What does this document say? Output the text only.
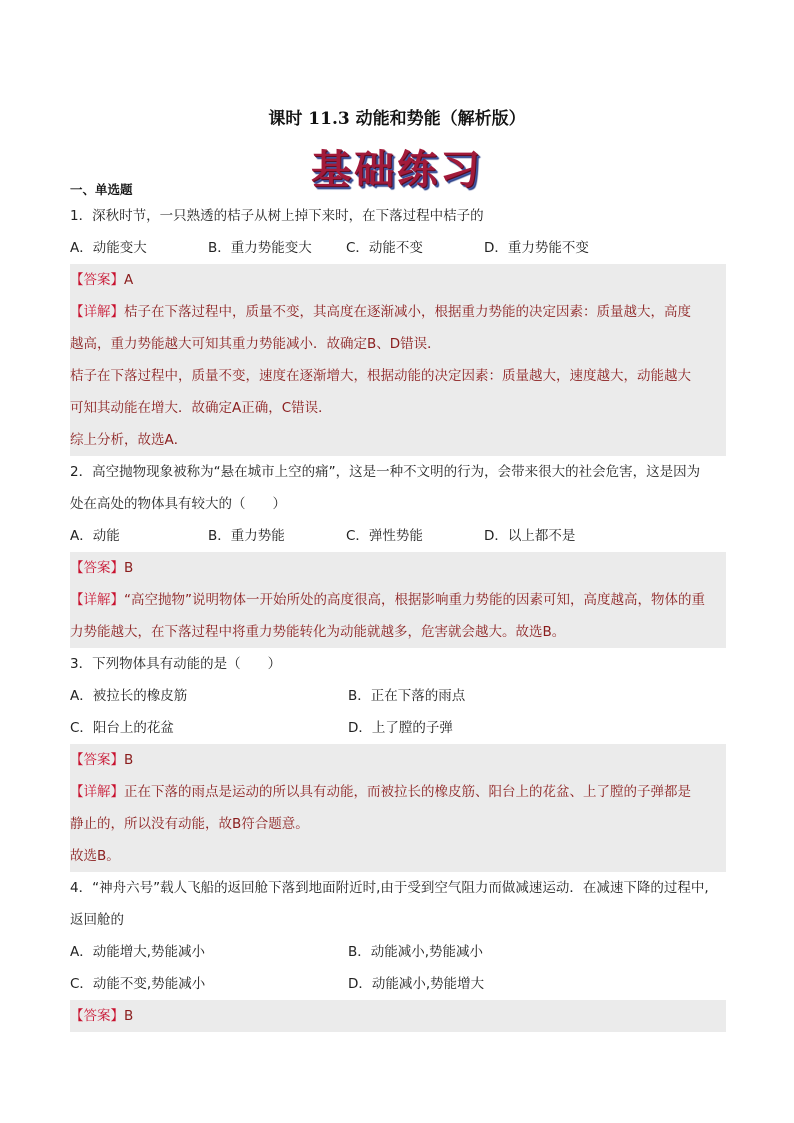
课时 11.3 动能和势能（解析版）
基础练习
一、单选题
1．深秋时节，一只熟透的桔子从树上掉下来时，在下落过程中桔子的
A．动能变大	B．重力势能变大	C．动能不变	D．重力势能不变
【答案】A
【详解】桔子在下落过程中，质量不变，其高度在逐渐减小，根据重力势能的决定因素：质量越大，高度
越高，重力势能越大可知其重力势能减小．故确定B、D错误．
桔子在下落过程中，质量不变，速度在逐渐增大，根据动能的决定因素：质量越大，速度越大，动能越大
可知其动能在增大．故确定A正确，C错误．
综上分析，故选A．
2．高空抛物现象被称为“悬在城市上空的痛”，这是一种不文明的行为，会带来很大的社会危害，这是因为
处在高处的物体具有较大的（　　）
A．动能	B．重力势能	C．弹性势能	D．以上都不是
【答案】B
【详解】“高空抛物”说明物体一开始所处的高度很高，根据影响重力势能的因素可知，高度越高，物体的重
力势能越大，在下落过程中将重力势能转化为动能就越多，危害就会越大。故选B。
3．下列物体具有动能的是（　　）
A．被拉长的橡皮筋	B．正在下落的雨点
C．阳台上的花盆	D．上了膛的子弹
【答案】B
【详解】正在下落的雨点是运动的所以具有动能，而被拉长的橡皮筋、阳台上的花盆、上了膛的子弹都是
静止的，所以没有动能，故B符合题意。
故选B。
4．“神舟六号”载人飞船的返回舱下落到地面附近时,由于受到空气阻力而做减速运动．在减速下降的过程中,
返回舱的
A．动能增大,势能减小	B．动能减小,势能减小
C．动能不变,势能减小	D．动能减小,势能增大
【答案】B
